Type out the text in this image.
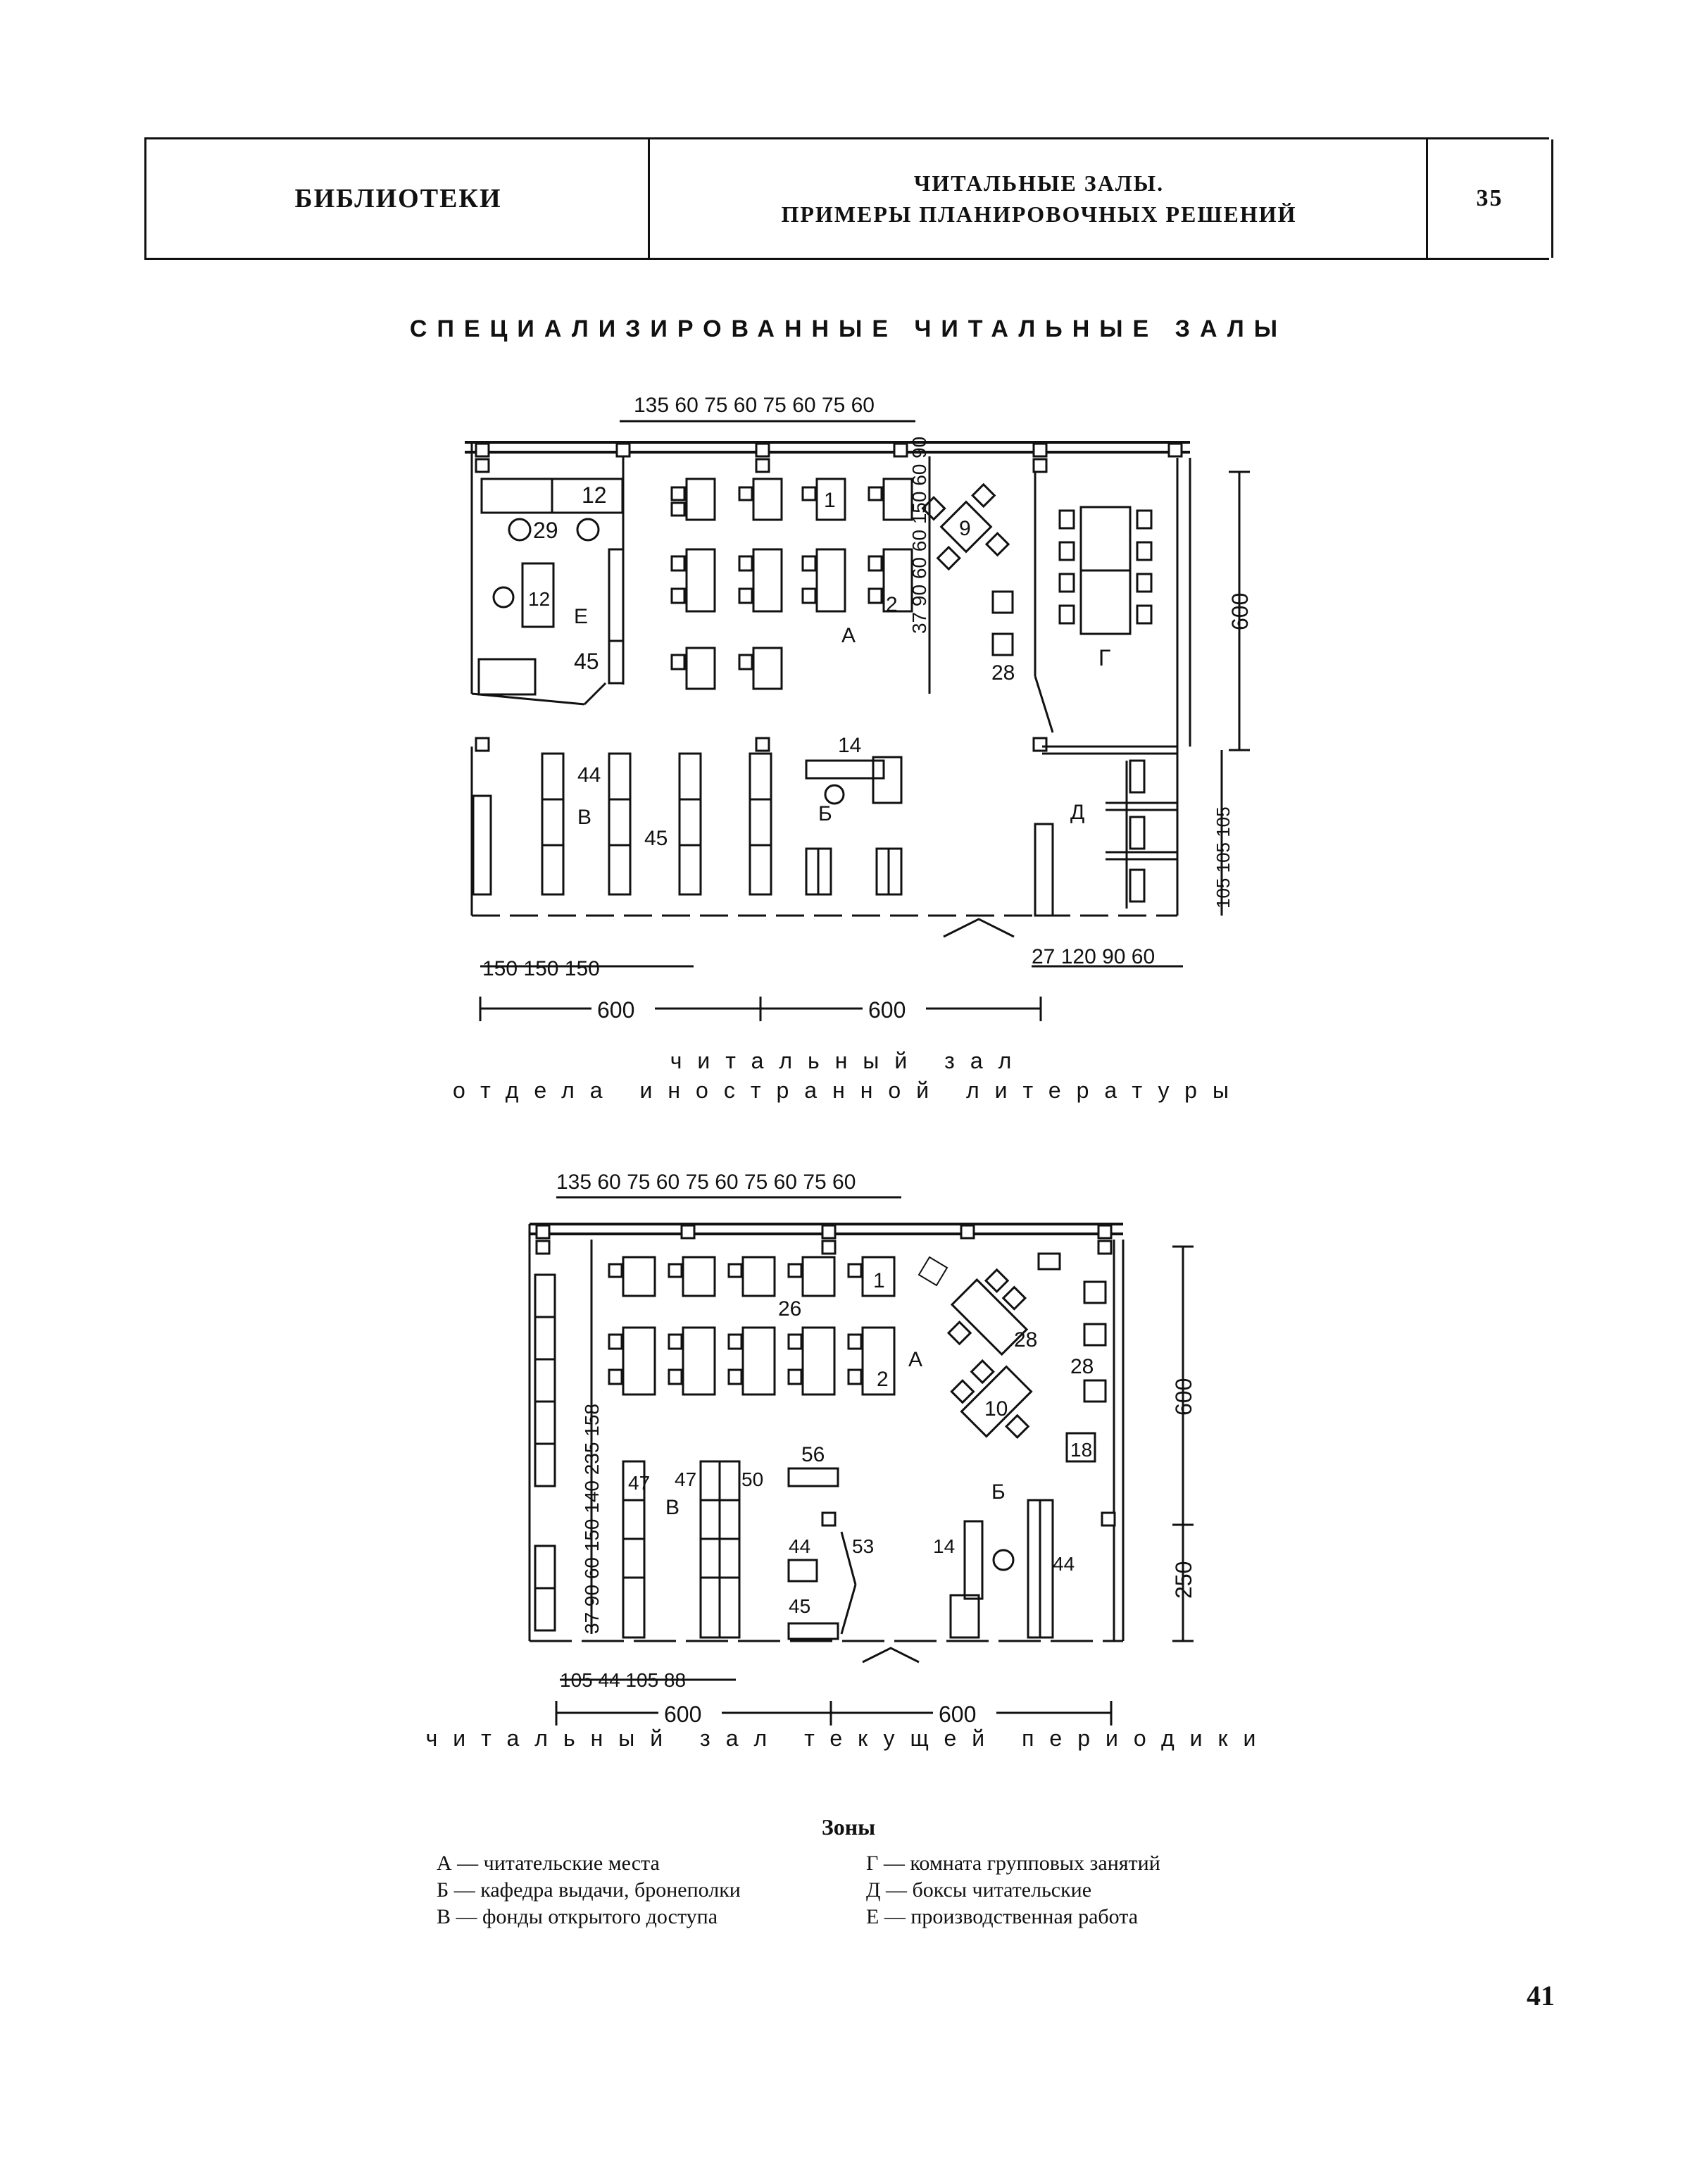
БИБЛИОТЕКИ
ЧИТАЛЬНЫЕ ЗАЛЫ.
ПРИМЕРЫ ПЛАНИРОВОЧНЫХ РЕШЕНИЙ
35
СПЕЦИАЛИЗИРОВАННЫЕ ЧИТАЛЬНЫЕ ЗАЛЫ
135 60 75 60 75 60 75 60
12
29
12
Е
45
1
2
А
37 90 60 60 150 60 90 9
28
Г
600
105 105 105
44
В
45
14
Б	Д
150 150 150
600	600
27 120 90 60
читальный зал
отдела иностранной литературы
135 60 75 60 75 60 75 60 75 60
37 90 60 150 140 235 158
1
26
2
А
28
10
28
18
600
250
47 47 50
В
56
44 53
45
Б
14
44
105 44 105 88
600	600
читальный зал текущей периодики
Зоны

А — читательские места

Б — кафедра выдачи, бронеполки

В — фонды открытого доступа

Г — комната групповых занятий

Д — боксы читательские

Е — производственная работа

41
